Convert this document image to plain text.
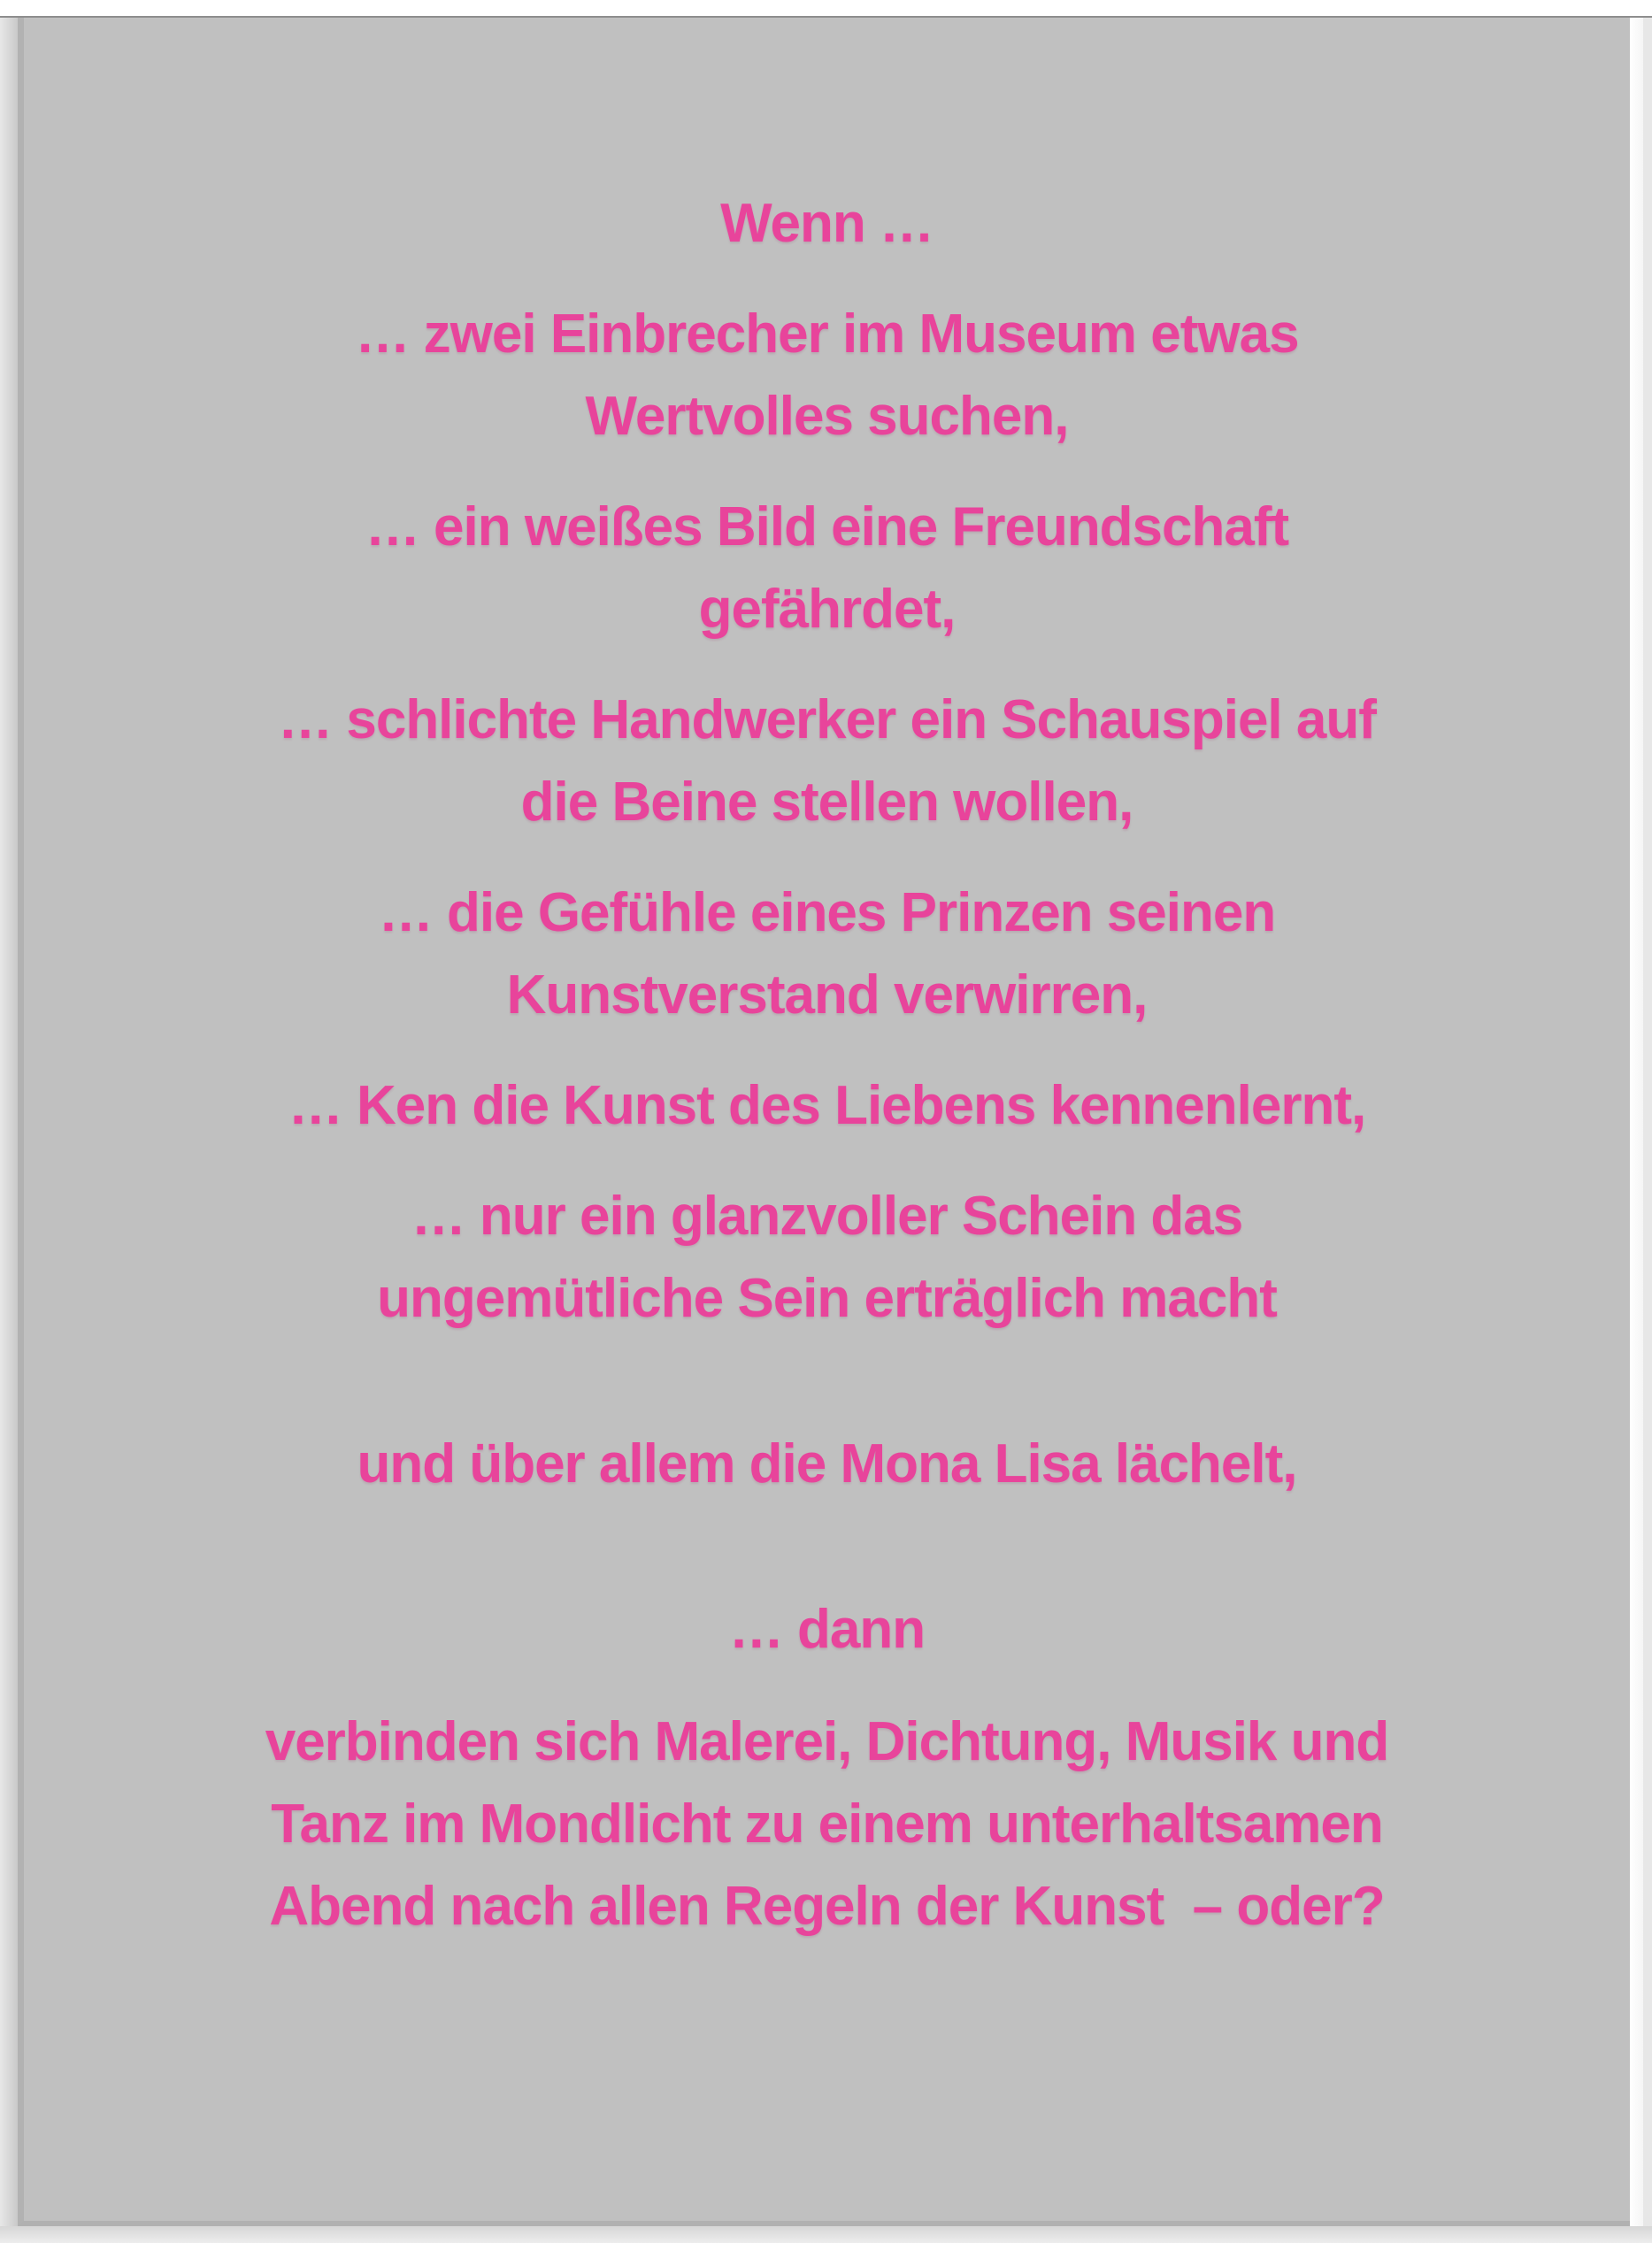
Wenn …
… zwei Einbrecher im Museum etwas
Wertvolles suchen,
… ein weißes Bild eine Freundschaft
gefährdet,
… schlichte Handwerker ein Schauspiel auf
die Beine stellen wollen,
… die Gefühle eines Prinzen seinen
Kunstverstand verwirren,
… Ken die Kunst des Liebens kennenlernt,
… nur ein glanzvoller Schein das
ungemütliche Sein erträglich macht
und über allem die Mona Lisa lächelt,
… dann
verbinden sich Malerei, Dichtung, Musik und
Tanz im Mondlicht zu einem unterhaltsamen
Abend nach allen Regeln der Kunst  – oder?
